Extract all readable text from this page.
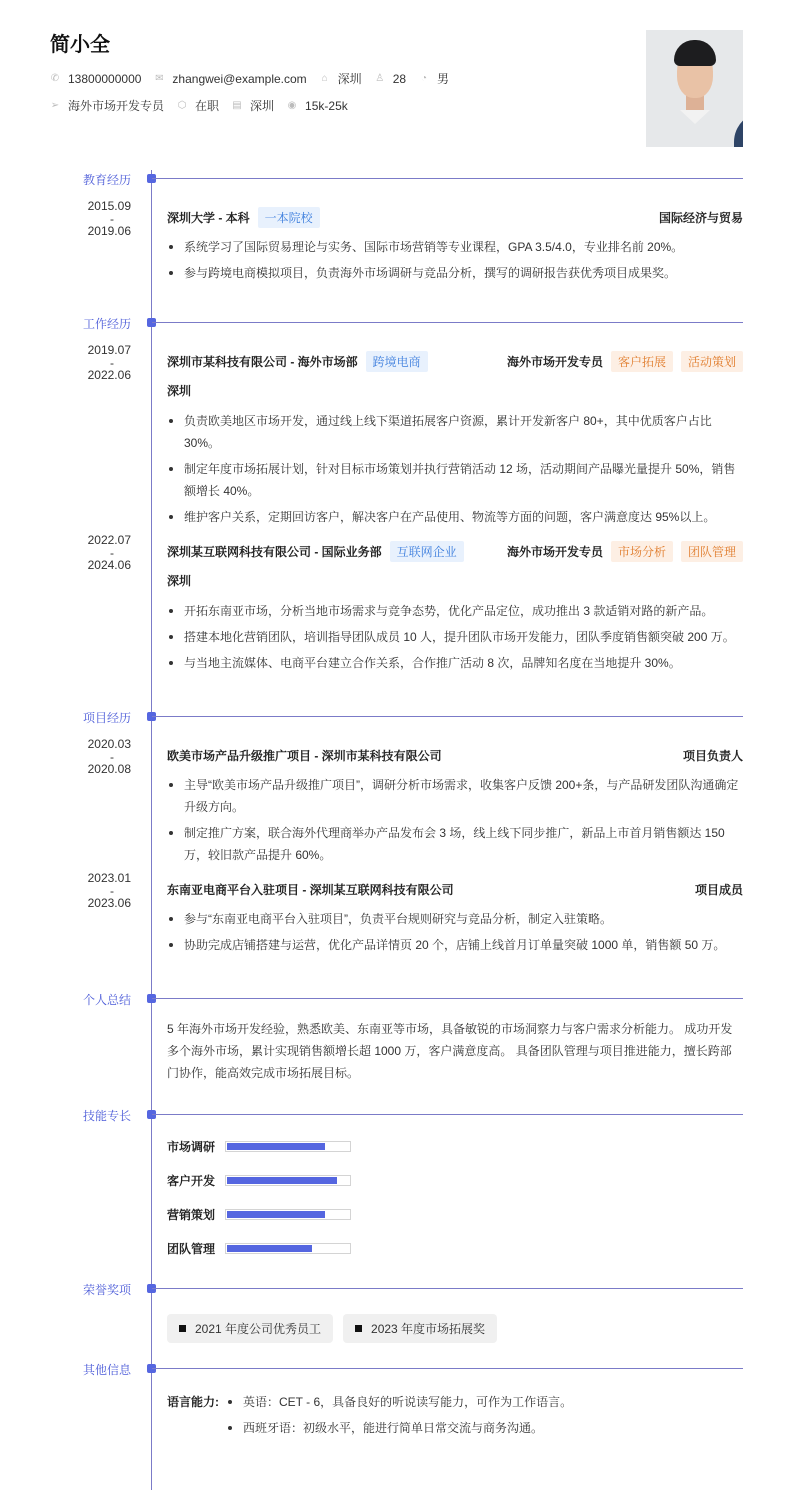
简小全
✆ 13800000000 ✉ zhangwei@example.com ⌂ 深圳 ♙ 28 ◔ 男
➢ 海外市场开发专员 ⬡ 在职 ▤ 深圳 ◉ 15k-25k
教育经历
2015.09
-
2019.06
深圳大学 - 本科	一本院校	国际经济与贸易
系统学习了国际贸易理论与实务、国际市场营销等专业课程，GPA 3.5/4.0，专业排名前 20%。
参与跨境电商模拟项目，负责海外市场调研与竞品分析，撰写的调研报告获优秀项目成果奖。
工作经历
2019.07
-
2022.06
深圳市某科技有限公司 - 海外市场部	跨境电商	海外市场开发专员	客户拓展	活动策划
深圳
负责欧美地区市场开发，通过线上线下渠道拓展客户资源，累计开发新客户 80+，其中优质客户占比 30%。
制定年度市场拓展计划，针对目标市场策划并执行营销活动 12 场，活动期间产品曝光量提升 50%，销售额增长 40%。
维护客户关系，定期回访客户，解决客户在产品使用、物流等方面的问题，客户满意度达 95%以上。
2022.07
-
2024.06
深圳某互联网科技有限公司 - 国际业务部	互联网企业	海外市场开发专员	市场分析	团队管理
深圳
开拓东南亚市场，分析当地市场需求与竞争态势，优化产品定位，成功推出 3 款适销对路的新产品。
搭建本地化营销团队，培训指导团队成员 10 人，提升团队市场开发能力，团队季度销售额突破 200 万。
与当地主流媒体、电商平台建立合作关系，合作推广活动 8 次，品牌知名度在当地提升 30%。
项目经历
2020.03
-
2020.08
欧美市场产品升级推广项目 - 深圳市某科技有限公司	项目负责人
主导“欧美市场产品升级推广项目”，调研分析市场需求，收集客户反馈 200+条，与产品研发团队沟通确定升级方向。
制定推广方案，联合海外代理商举办产品发布会 3 场，线上线下同步推广，新品上市首月销售额达 150 万，较旧款产品提升 60%。
2023.01
-
2023.06
东南亚电商平台入驻项目 - 深圳某互联网科技有限公司	项目成员
参与“东南亚电商平台入驻项目”，负责平台规则研究与竞品分析，制定入驻策略。
协助完成店铺搭建与运营，优化产品详情页 20 个，店铺上线首月订单量突破 1000 单，销售额 50 万。
个人总结
5 年海外市场开发经验，熟悉欧美、东南亚等市场，具备敏锐的市场洞察力与客户需求分析能力。 成功开发多个海外市场，累计实现销售额增长超 1000 万，客户满意度高。 具备团队管理与项目推进能力，擅长跨部门协作，能高效完成市场拓展目标。
技能专长
市场调研
客户开发
营销策划
团队管理
荣誉奖项
2021 年度公司优秀员工	2023 年度市场拓展奖
其他信息
语言能力:	英语：CET - 6，具备良好的听说读写能力，可作为工作语言。
西班牙语：初级水平，能进行简单日常交流与商务沟通。
